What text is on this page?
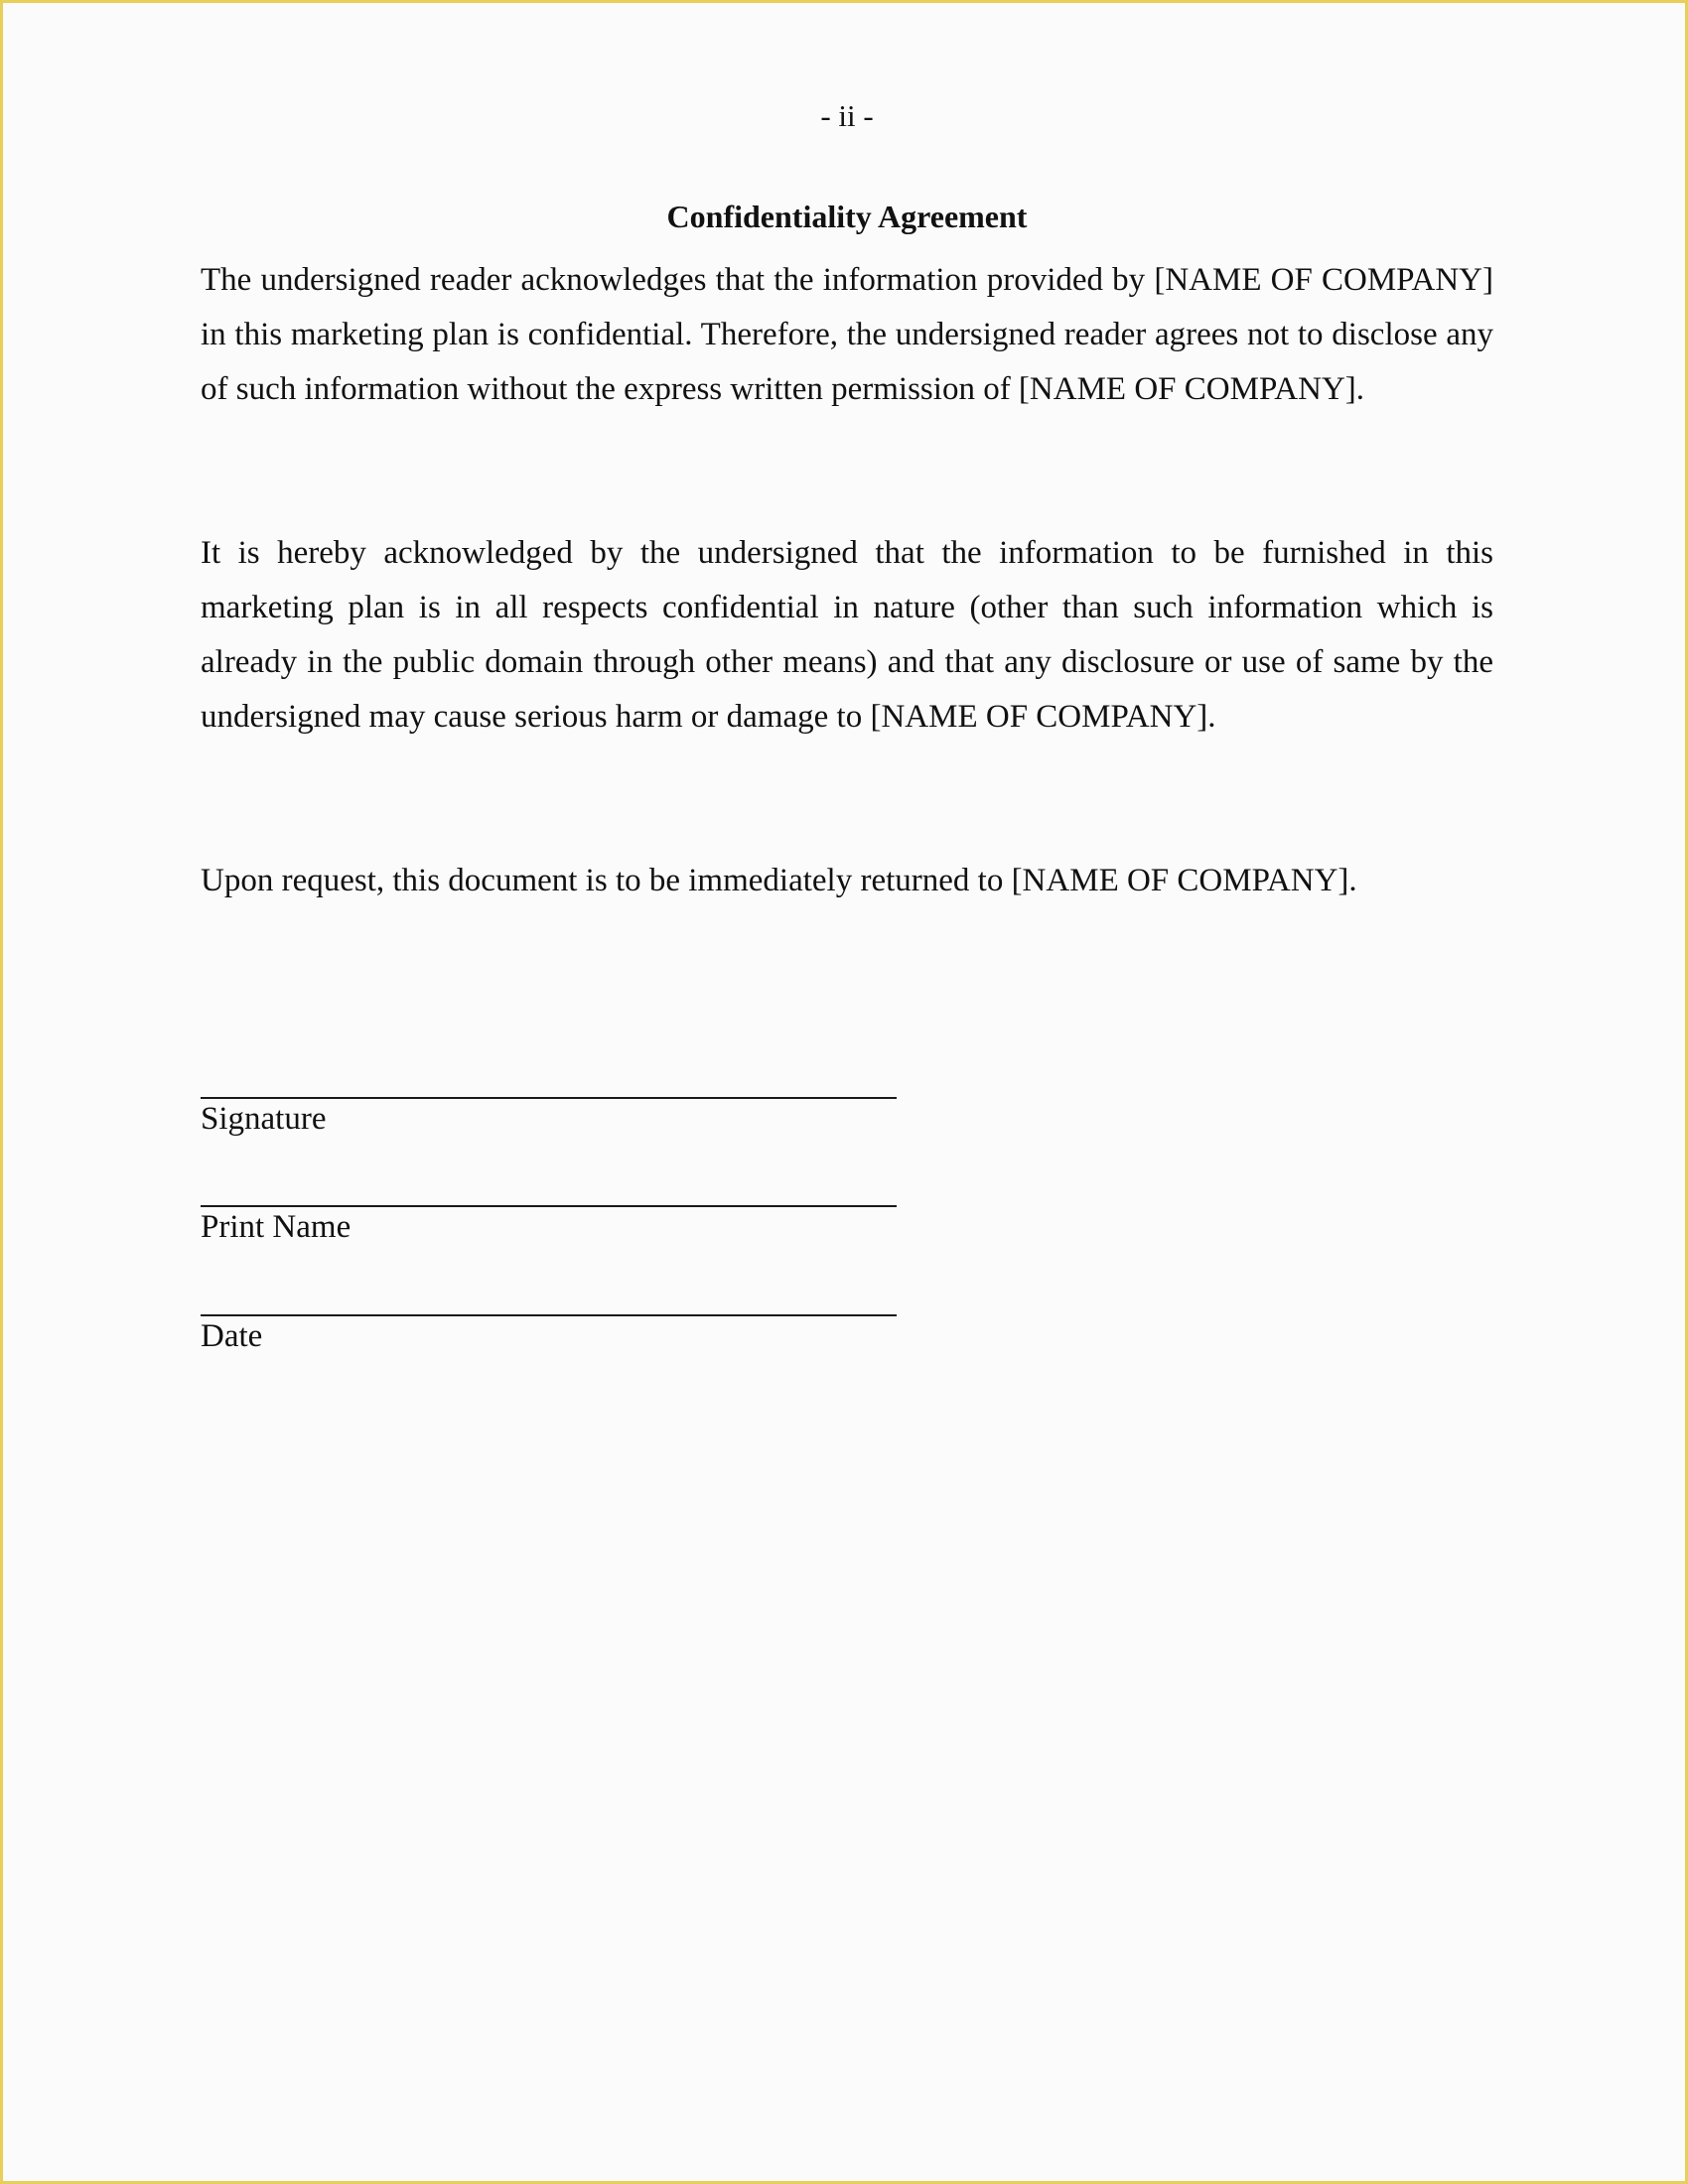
- ii -
Confidentiality Agreement

The undersigned reader acknowledges that the information provided by [NAME OF COMPANY] in this marketing plan is confidential. Therefore, the undersigned reader agrees not to disclose any of such information without the express written permission of [NAME OF COMPANY].

It is hereby acknowledged by the undersigned that the information to be furnished in this marketing plan is in all respects confidential in nature (other than such information which is already in the public domain through other means) and that any disclosure or use of same by the undersigned may cause serious harm or damage to [NAME OF COMPANY].

Upon request, this document is to be immediately returned to [NAME OF COMPANY].

Signature
Print Name
Date
